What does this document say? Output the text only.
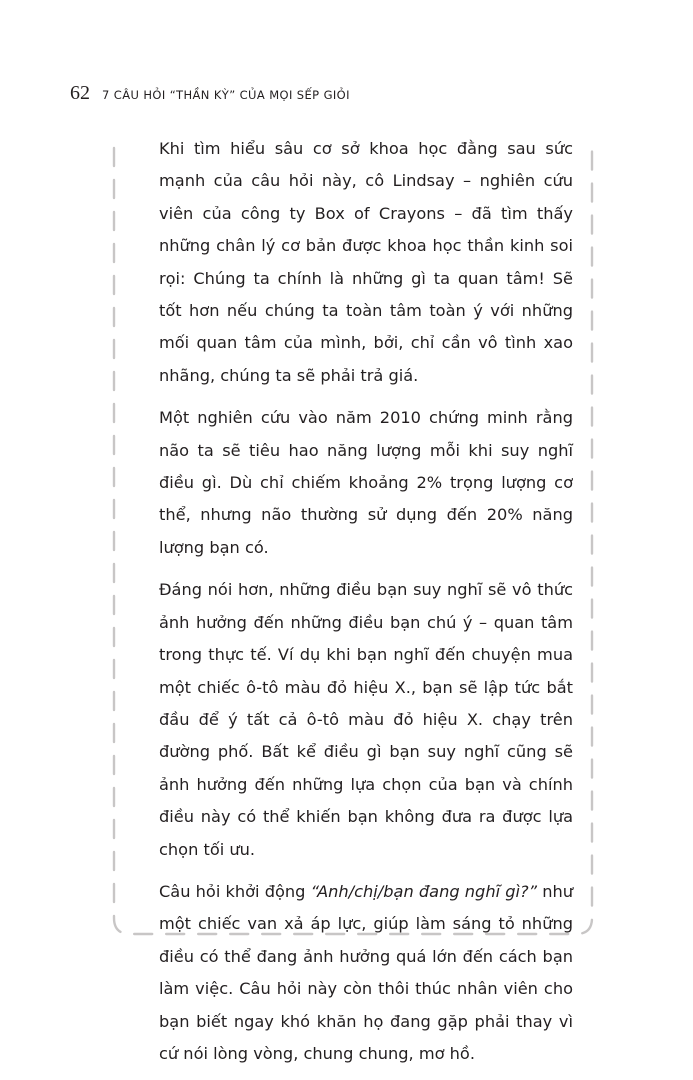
62 7 CÂU HỎI “THẦN KỲ” CỦA MỌI SẾP GIỎI

Khi tìm hiểu sâu cơ sở khoa học đằng sau sức mạnh của câu hỏi này, cô Lindsay – nghiên cứu viên của công ty Box of Crayons – đã tìm thấy những chân lý cơ bản được khoa học thần kinh soi rọi: Chúng ta chính là những gì ta quan tâm! Sẽ tốt hơn nếu chúng ta toàn tâm toàn ý với những mối quan tâm của mình, bởi, chỉ cần vô tình xao nhãng, chúng ta sẽ phải trả giá.

Một nghiên cứu vào năm 2010 chứng minh rằng não ta sẽ tiêu hao năng lượng mỗi khi suy nghĩ điều gì. Dù chỉ chiếm khoảng 2% trọng lượng cơ thể, nhưng não thường sử dụng đến 20% năng lượng bạn có.

Đáng nói hơn, những điều bạn suy nghĩ sẽ vô thức ảnh hưởng đến những điều bạn chú ý – quan tâm trong thực tế. Ví dụ khi bạn nghĩ đến chuyện mua một chiếc ô-tô màu đỏ hiệu X., bạn sẽ lập tức bắt đầu để ý tất cả ô-tô màu đỏ hiệu X. chạy trên đường phố. Bất kể điều gì bạn suy nghĩ cũng sẽ ảnh hưởng đến những lựa chọn của bạn và chính điều này có thể khiến bạn không đưa ra được lựa chọn tối ưu.

Câu hỏi khởi động “Anh/chị/bạn đang nghĩ gì?” như một chiếc van xả áp lực, giúp làm sáng tỏ những điều có thể đang ảnh hưởng quá lớn đến cách bạn làm việc. Câu hỏi này còn thôi thúc nhân viên cho bạn biết ngay khó khăn họ đang gặp phải thay vì cứ nói lòng vòng, chung chung, mơ hồ.
